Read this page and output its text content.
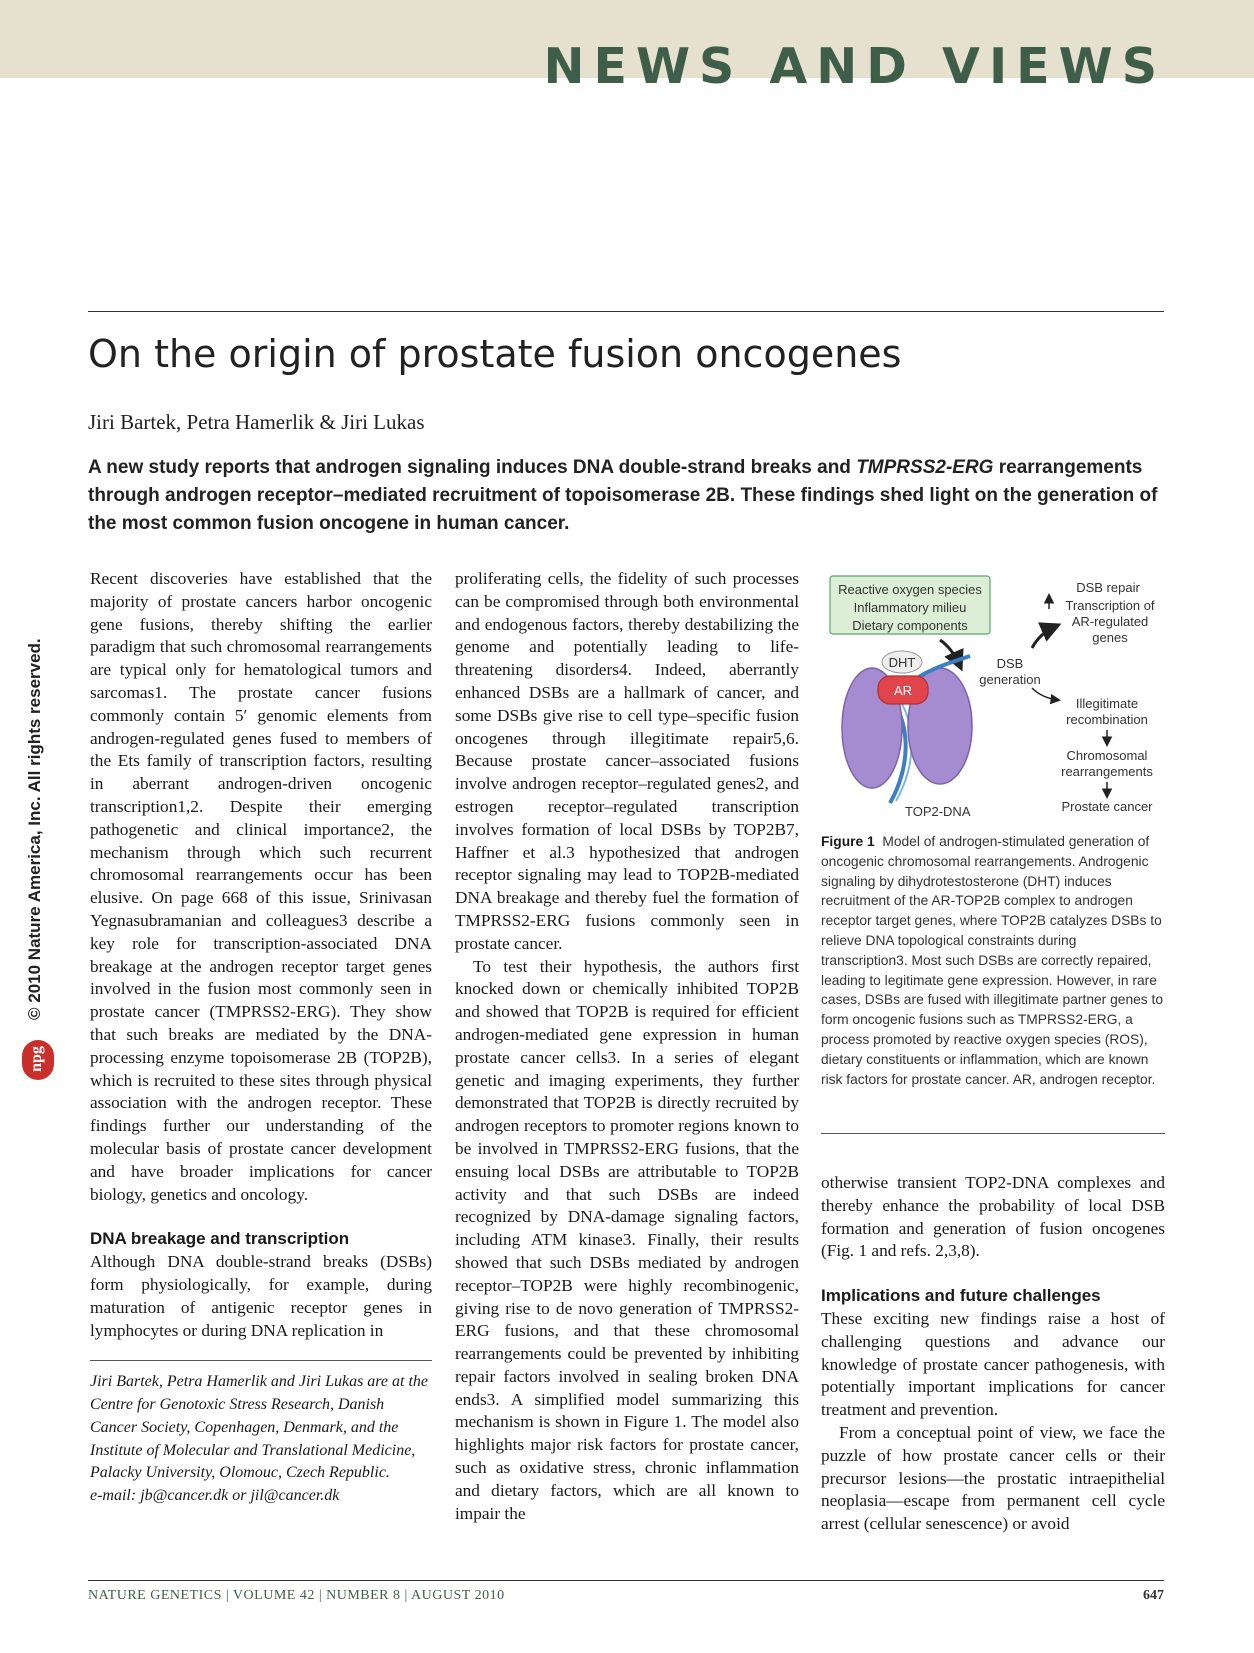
NEWS AND VIEWS
On the origin of prostate fusion oncogenes
Jiri Bartek, Petra Hamerlik & Jiri Lukas
A new study reports that androgen signaling induces DNA double-strand breaks and TMPRSS2-ERG rearrangements through androgen receptor–mediated recruitment of topoisomerase 2B. These findings shed light on the generation of the most common fusion oncogene in human cancer.
© 2010 Nature America, Inc. All rights reserved.
npg

Recent discoveries have established that the majority of prostate cancers harbor oncogenic gene fusions, thereby shifting the earlier paradigm that such chromosomal rearrangements are typical only for hematological tumors and sarcomas1. The prostate cancer fusions commonly contain 5′ genomic elements from androgen-regulated genes fused to members of the Ets family of transcription factors, resulting in aberrant androgen-driven oncogenic transcription1,2. Despite their emerging pathogenetic and clinical importance2, the mechanism through which such recurrent chromosomal rearrangements occur has been elusive. On page 668 of this issue, Srinivasan Yegnasubramanian and colleagues3 describe a key role for transcription-associated DNA breakage at the androgen receptor target genes involved in the fusion most commonly seen in prostate cancer (TMPRSS2-ERG). They show that such breaks are mediated by the DNA-processing enzyme topoisomerase 2B (TOP2B), which is recruited to these sites through physical association with the androgen receptor. These findings further our understanding of the molecular basis of prostate cancer development and have broader implications for cancer biology, genetics and oncology.

DNA breakage and transcription

Although DNA double-strand breaks (DSBs) form physiologically, for example, during maturation of antigenic receptor genes in lymphocytes or during DNA replication in

Jiri Bartek, Petra Hamerlik and Jiri Lukas are at the Centre for Genotoxic Stress Research, Danish Cancer Society, Copenhagen, Denmark, and the Institute of Molecular and Translational Medicine, Palacky University, Olomouc, Czech Republic.

e-mail: jb@cancer.dk or jil@cancer.dk

proliferating cells, the fidelity of such processes can be compromised through both environmental and endogenous factors, thereby destabilizing the genome and potentially leading to life-threatening disorders4. Indeed, aberrantly enhanced DSBs are a hallmark of cancer, and some DSBs give rise to cell type–specific fusion oncogenes through illegitimate repair5,6. Because prostate cancer–associated fusions involve androgen receptor–regulated genes2, and estrogen receptor–regulated transcription involves formation of local DSBs by TOP2B7, Haffner et al.3 hypothesized that androgen receptor signaling may lead to TOP2B-mediated DNA breakage and thereby fuel the formation of TMPRSS2-ERG fusions commonly seen in prostate cancer.

To test their hypothesis, the authors first knocked down or chemically inhibited TOP2B and showed that TOP2B is required for efficient androgen-mediated gene expression in human prostate cancer cells3. In a series of elegant genetic and imaging experiments, they further demonstrated that TOP2B is directly recruited by androgen receptors to promoter regions known to be involved in TMPRSS2-ERG fusions, that the ensuing local DSBs are attributable to TOP2B activity and that such DSBs are indeed recognized by DNA-damage signaling factors, including ATM kinase3. Finally, their results showed that such DSBs mediated by androgen receptor–TOP2B were highly recombinogenic, giving rise to de novo generation of TMPRSS2-ERG fusions, and that these chromosomal rearrangements could be prevented by inhibiting repair factors involved in sealing broken DNA ends3. A simplified model summarizing this mechanism is shown in Figure 1. The model also highlights major risk factors for prostate cancer, such as oxidative stress, chronic inflammation and dietary factors, which are all known to impair the

Reactive oxygen species
Inflammatory milieu
Dietary components
AR
DHT
TOP2-DNA
DSB
generation
DSB repair
Transcription of
AR-regulated
genes
Illegitimate
recombination
Chromosomal
rearrangements
Prostate cancer
Figure 1 Model of androgen-stimulated generation of oncogenic chromosomal rearrangements. Androgenic signaling by dihydrotestosterone (DHT) induces recruitment of the AR-TOP2B complex to androgen receptor target genes, where TOP2B catalyzes DSBs to relieve DNA topological constraints during transcription3. Most such DSBs are correctly repaired, leading to legitimate gene expression. However, in rare cases, DSBs are fused with illegitimate partner genes to form oncogenic fusions such as TMPRSS2-ERG, a process promoted by reactive oxygen species (ROS), dietary constituents or inflammation, which are known risk factors for prostate cancer. AR, androgen receptor.

otherwise transient TOP2-DNA complexes and thereby enhance the probability of local DSB formation and generation of fusion oncogenes (Fig. 1 and refs. 2,3,8).

Implications and future challenges

These exciting new findings raise a host of challenging questions and advance our knowledge of prostate cancer pathogenesis, with potentially important implications for cancer treatment and prevention.

From a conceptual point of view, we face the puzzle of how prostate cancer cells or their precursor lesions—the prostatic intraepithelial neoplasia—escape from permanent cell cycle arrest (cellular senescence) or avoid

NATURE GENETICS | VOLUME 42 | NUMBER 8 | AUGUST 2010	647
